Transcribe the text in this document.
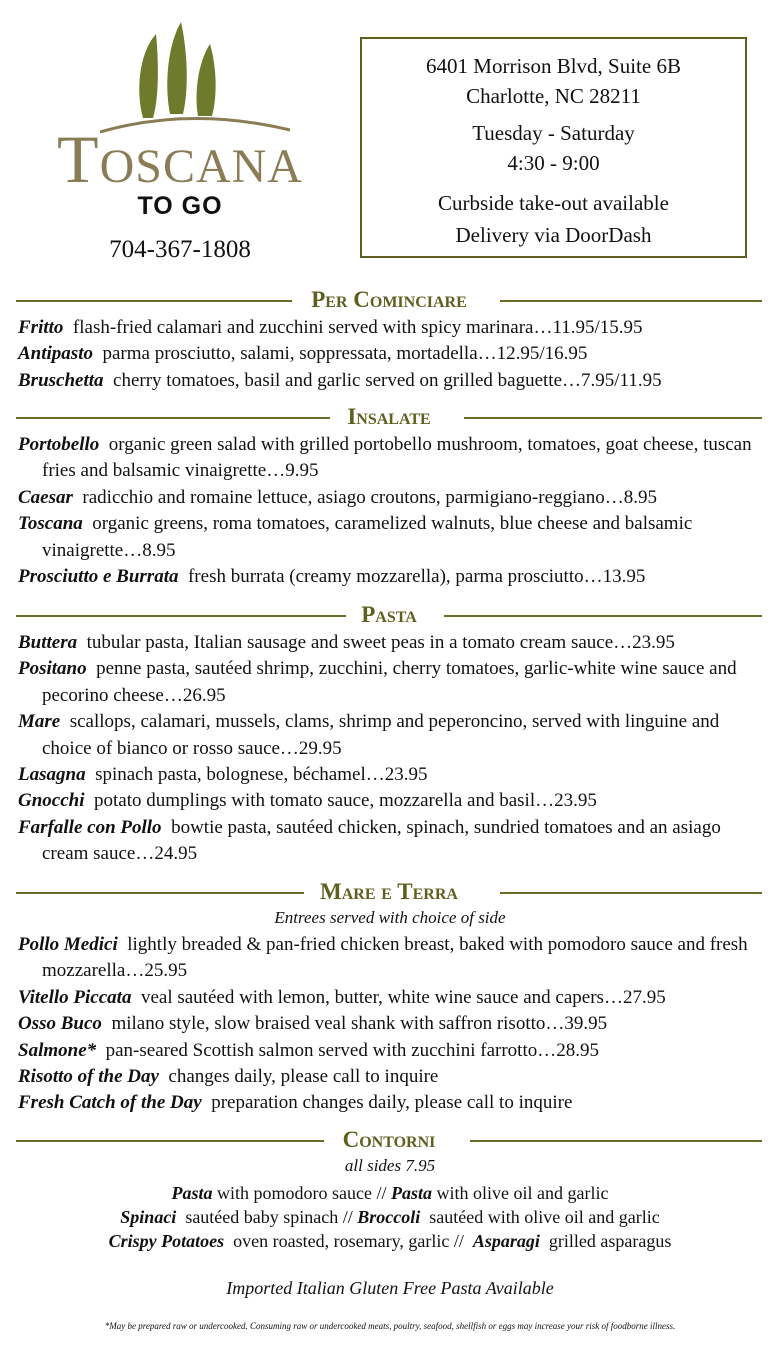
Toscana
TO GO
704-367-1808
6401 Morrison Blvd, Suite 6B
Charlotte, NC 28211
Tuesday - Saturday
4:30 - 9:00
Curbside take-out available
Delivery via DoorDash
Per Cominciare
Fritto flash-fried calamari and zucchini served with spicy marinara…11.95/15.95
Antipasto parma prosciutto, salami, soppressata, mortadella…12.95/16.95
Bruschetta cherry tomatoes, basil and garlic served on grilled baguette…7.95/11.95
Insalate
Portobello organic green salad with grilled portobello mushroom, tomatoes, goat cheese, tuscan fries and balsamic vinaigrette…9.95
Caesar radicchio and romaine lettuce, asiago croutons, parmigiano-reggiano…8.95
Toscana organic greens, roma tomatoes, caramelized walnuts, blue cheese and balsamic vinaigrette…8.95
Prosciutto e Burrata fresh burrata (creamy mozzarella), parma prosciutto…13.95
Pasta
Buttera tubular pasta, Italian sausage and sweet peas in a tomato cream sauce…23.95
Positano penne pasta, sautéed shrimp, zucchini, cherry tomatoes, garlic-white wine sauce and pecorino cheese…26.95
Mare scallops, calamari, mussels, clams, shrimp and peperoncino, served with linguine and choice of bianco or rosso sauce…29.95
Lasagna spinach pasta, bolognese, béchamel…23.95
Gnocchi potato dumplings with tomato sauce, mozzarella and basil…23.95
Farfalle con Pollo bowtie pasta, sautéed chicken, spinach, sundried tomatoes and an asiago cream sauce…24.95
Mare e Terra
Entrees served with choice of side
Pollo Medici lightly breaded & pan-fried chicken breast, baked with pomodoro sauce and fresh mozzarella…25.95
Vitello Piccata veal sautéed with lemon, butter, white wine sauce and capers…27.95
Osso Buco milano style, slow braised veal shank with saffron risotto…39.95
Salmone*  pan-seared Scottish salmon served with zucchini farrotto…28.95
Risotto of the Day changes daily, please call to inquire
Fresh Catch of the Day preparation changes daily, please call to inquire
Contorni
all sides 7.95
Pasta with pomodoro sauce // Pasta with olive oil and garlic
Spinaci sautéed baby spinach // Broccoli sautéed with olive oil and garlic
Crispy Potatoes oven roasted, rosemary, garlic // Asparagi grilled asparagus
Imported Italian Gluten Free Pasta Available
*May be prepared raw or undercooked. Consuming raw or undercooked meats, poultry, seafood, shellfish or eggs may increase your risk of foodborne illness.
